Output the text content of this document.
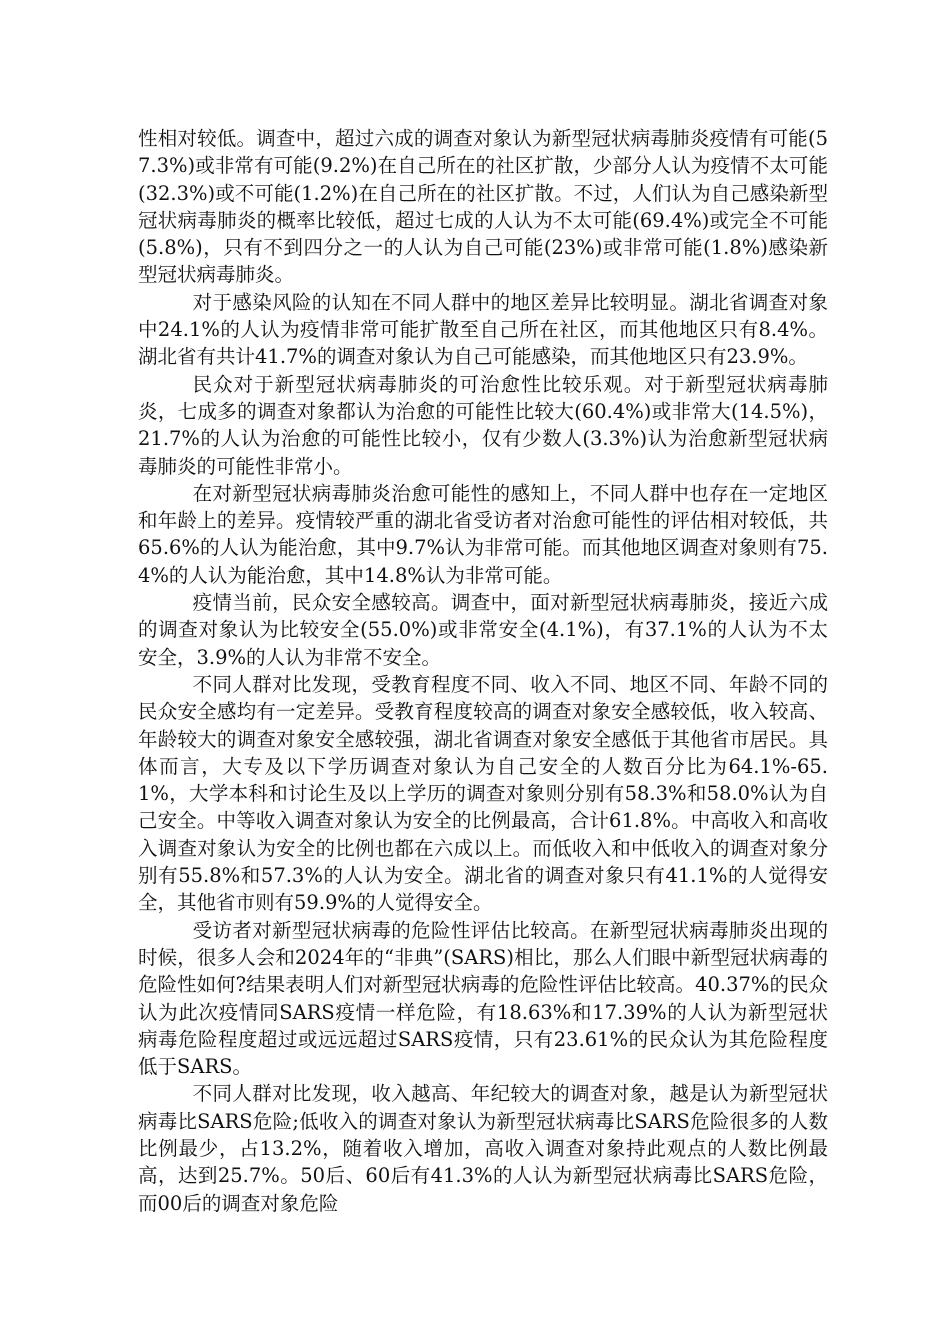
性相对较低。调查中，超过六成的调查对象认为新型冠状病毒肺炎疫情有可能(57.3%)或非常有可能(9.2%)在自己所在的社区扩散，少部分人认为疫情不太可能(32.3%)或不可能(1.2%)在自己所在的社区扩散。不过，人们认为自己感染新型冠状病毒肺炎的概率比较低，超过七成的人认为不太可能(69.4%)或完全不可能(5.8%)，只有不到四分之一的人认为自己可能(23%)或非常可能(1.8%)感染新型冠状病毒肺炎。

对于感染风险的认知在不同人群中的地区差异比较明显。湖北省调查对象中24.1%的人认为疫情非常可能扩散至自己所在社区，而其他地区只有8.4%。湖北省有共计41.7%的调查对象认为自己可能感染，而其他地区只有23.9%。

民众对于新型冠状病毒肺炎的可治愈性比较乐观。对于新型冠状病毒肺炎，七成多的调查对象都认为治愈的可能性比较大(60.4%)或非常大(14.5%)，21.7%的人认为治愈的可能性比较小，仅有少数人(3.3%)认为治愈新型冠状病毒肺炎的可能性非常小。

在对新型冠状病毒肺炎治愈可能性的感知上，不同人群中也存在一定地区和年龄上的差异。疫情较严重的湖北省受访者对治愈可能性的评估相对较低，共65.6%的人认为能治愈，其中9.7%认为非常可能。而其他地区调查对象则有75.4%的人认为能治愈，其中14.8%认为非常可能。

疫情当前，民众安全感较高。调查中，面对新型冠状病毒肺炎，接近六成的调查对象认为比较安全(55.0%)或非常安全(4.1%)，有37.1%的人认为不太安全，3.9%的人认为非常不安全。

不同人群对比发现，受教育程度不同、收入不同、地区不同、年龄不同的民众安全感均有一定差异。受教育程度较高的调查对象安全感较低，收入较高、年龄较大的调查对象安全感较强，湖北省调查对象安全感低于其他省市居民。具体而言，大专及以下学历调查对象认为自己安全的人数百分比为64.1%-65.1%，大学本科和讨论生及以上学历的调查对象则分别有58.3%和58.0%认为自己安全。中等收入调查对象认为安全的比例最高，合计61.8%。中高收入和高收入调查对象认为安全的比例也都在六成以上。而低收入和中低收入的调查对象分别有55.8%和57.3%的人认为安全。湖北省的调查对象只有41.1%的人觉得安全，其他省市则有59.9%的人觉得安全。

受访者对新型冠状病毒的危险性评估比较高。在新型冠状病毒肺炎出现的时候，很多人会和2024年的“非典”(SARS)相比，那么人们眼中新型冠状病毒的危险性如何?结果表明人们对新型冠状病毒的危险性评估比较高。40.37%的民众认为此次疫情同SARS疫情一样危险，有18.63%和17.39%的人认为新型冠状病毒危险程度超过或远远超过SARS疫情，只有23.61%的民众认为其危险程度低于SARS。

不同人群对比发现，收入越高、年纪较大的调查对象，越是认为新型冠状病毒比SARS危险;低收入的调查对象认为新型冠状病毒比SARS危险很多的人数比例最少，占13.2%，随着收入增加，高收入调查对象持此观点的人数比例最高，达到25.7%。50后、60后有41.3%的人认为新型冠状病毒比SARS危险，而00后的调查对象危险
